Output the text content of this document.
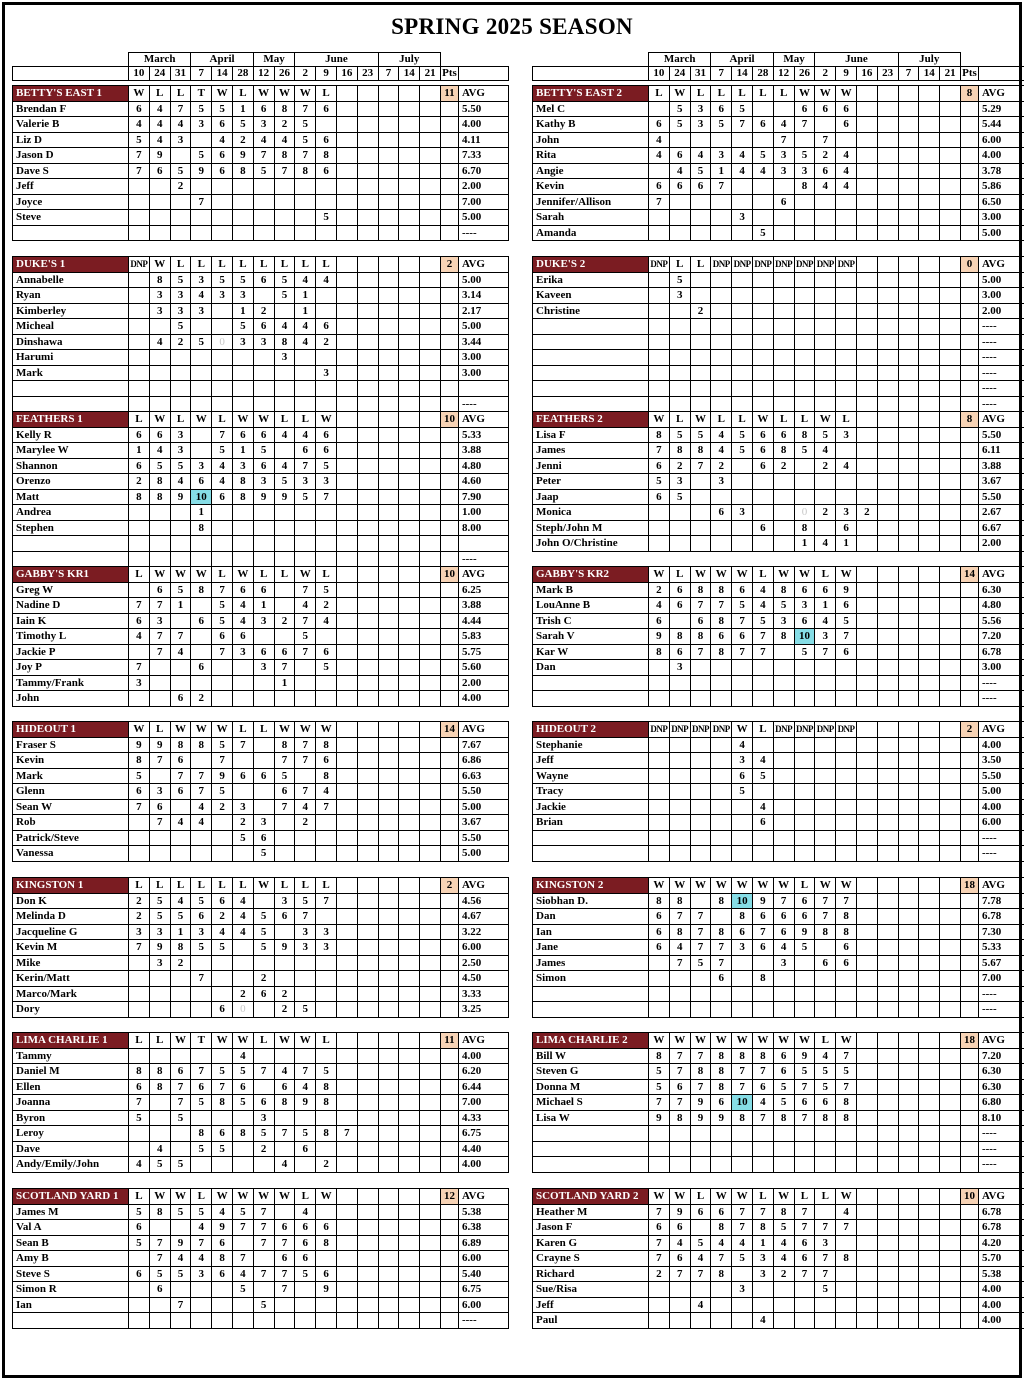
SPRING 2025 SEASON
	March			April			May		June				July				
	10	24	31	7	14	28	12	26	2	9	16	23	7	14	21	Pts	
BETTY'S EAST 1	W	L	L	T	W	L	W	W	W	L						11	AVG
Brendan F	6	4	7	5	5	1	6	8	7	6							5.50
Valerie B	4	4	4	3	6	5	3	2	5								4.00
Liz D	5	4	3		4	2	4	4	5	6							4.11
Jason D	7	9		5	6	9	7	8	7	8							7.33
Dave S	7	6	5	9	6	8	5	7	8	6							6.70
Jeff			2														2.00
Joyce				7													7.00
Steve										5							5.00
																	----
DUKE'S 1	DNP	W	L	L	L	L	L	L	L	L						2	AVG
Annabelle		8	5	3	5	5	6	5	4	4							5.00
Ryan		3	3	4	3	3		5	1								3.14
Kimberley		3	3	3		1	2		1								2.17
Micheal			5			5	6	4	4	6							5.00
Dinshawa		4	2	5	0	3	3	8	4	2							3.44
Harumi								3									3.00
Mark										3							3.00

																	----
FEATHERS 1	L	W	L	W	L	W	W	L	L	W						10	AVG
Kelly R	6	6	3		7	6	6	4	4	6							5.33
Marylee W	1	4	3		5	1	5		6	6							3.88
Shannon	6	5	5	3	4	3	6	4	7	5							4.80
Orenzo	2	8	4	6	4	8	3	5	3	3							4.60
Matt	8	8	9	10	6	8	9	9	5	7							7.90
Andrea				1													1.00
Stephen				8													8.00

																	----
GABBY'S KR1	L	W	W	W	L	W	L	L	W	L						10	AVG
Greg W		6	5	8	7	6	6		7	5							6.25
Nadine D	7	7	1		5	4	1		4	2							3.88
Iain K	6	3		6	5	4	3	2	7	4							4.44
Timothy L	4	7	7		6	6			5								5.83
Jackie P		7	4		7	3	6	6	7	6							5.75
Joy P	7			6			3	7		5							5.60
Tammy/Frank	3							1									2.00
John			6	2													4.00
HIDEOUT 1	W	L	W	W	W	L	L	W	W	W						14	AVG
Fraser S	9	9	8	8	5	7		8	7	8							7.67
Kevin	8	7	6		7			7	7	6							6.86
Mark	5		7	7	9	6	6	5		8							6.63
Glenn	6	3	6	7	5			6	7	4							5.50
Sean W	7	6		4	2	3		7	4	7							5.00
Rob		7	4	4		2	3		2								3.67
Patrick/Steve						5	6										5.50
Vanessa							5										5.00
KINGSTON 1	L	L	L	L	L	L	W	L	L	L						2	AVG
Don K	2	5	4	5	6	4		3	5	7							4.56
Melinda D	2	5	5	6	2	4	5	6	7								4.67
Jacqueline G	3	3	1	3	4	4	5		3	3							3.22
Kevin M	7	9	8	5	5		5	9	3	3							6.00
Mike		3	2														2.50
Kerin/Matt				7			2										4.50
Marco/Mark						2	6	2									3.33
Dory					6	0		2	5								3.25
LIMA CHARLIE 1	L	L	W	T	W	W	L	W	W	L						11	AVG
Tammy						4											4.00
Daniel M	8	8	6	7	5	5	7	4	7	5							6.20
Ellen	6	8	7	6	7	6		6	4	8							6.44
Joanna	7		7	5	8	5	6	8	9	8							7.00
Byron	5		5				3										4.33
Leroy				8	6	8	5	7	5	8	7						6.75
Dave		4		5	5		2		6								4.40
Andy/Emily/John	4	5	5					4		2							4.00
SCOTLAND YARD 1	L	W	W	L	W	W	W	W	L	W						12	AVG
James M	5	8	5	5	4	5	7		4								5.38
Val A	6			4	9	7	7	6	6	6							6.38
Sean B	5	7	9	7	6		7	7	6	8							6.89
Amy B		7	4	4	8	7		6	6								6.00
Steve S	6	5	5	3	6	4	7	7	5	6							5.40
Simon R		6				5		7		9							6.75
Ian			7				5										6.00
																	----
	March			April			May		June				July				
	10	24	31	7	14	28	12	26	2	9	16	23	7	14	21	Pts	
BETTY'S EAST 2	L	W	L	L	L	L	L	W	W	W						8	AVG
Mel C		5	3	6	5			6	6	6							5.29
Kathy B	6	5	3	5	7	6	4	7		6							5.44
John	4						7		7								6.00
Rita	4	6	4	3	4	5	3	5	2	4							4.00
Angie		4	5	1	4	4	3	3	6	4							3.78
Kevin	6	6	6	7				8	4	4							5.86
Jennifer/Allison	7						6										6.50
Sarah					3												3.00
Amanda						5											5.00
DUKE'S 2	DNP	L	L	DNP	DNP	DNP	DNP	DNP	DNP	DNP						0	AVG
Erika		5															5.00
Kaveen		3															3.00
Christine			2														2.00
																	----
																	----
																	----
																	----
																	----
																	----
FEATHERS 2	W	L	W	L	L	W	L	L	W	L						8	AVG
Lisa F	8	5	5	4	5	6	6	8	5	3							5.50
James	7	8	8	4	5	6	8	5	4								6.11
Jenni	6	2	7	2		6	2		2	4							3.88
Peter	5	3		3													3.67
Jaap	6	5															5.50
Monica				6	3			0	2	3	2						2.67
Steph/John M						6		8		6							6.67
John O/Christine								1	4	1							2.00
GABBY'S KR2	W	L	W	W	W	L	W	W	L	W						14	AVG
Mark B	2	6	8	8	6	4	8	6	6	9							6.30
LouAnne B	4	6	7	7	5	4	5	3	1	6							4.80
Trish C	6		6	8	7	5	3	6	4	5							5.56
Sarah V	9	8	8	6	6	7	8	10	3	7							7.20
Kar W	8	6	7	8	7	7		5	7	6							6.78
Dan		3															3.00
																	----
																	----
HIDEOUT 2	DNP	DNP	DNP	DNP	W	L	DNP	DNP	DNP	DNP						2	AVG
Stephanie					4												4.00
Jeff					3	4											3.50
Wayne					6	5											5.50
Tracy					5												5.00
Jackie						4											4.00
Brian						6											6.00
																	----
																	----
KINGSTON 2	W	W	W	W	W	W	W	L	W	W						18	AVG
Siobhan D.	8	8		8	10	9	7	6	7	7							7.78
Dan	6	7	7		8	6	6	6	7	8							6.78
Ian	6	8	7	8	6	7	6	9	8	8							7.30
Jane	6	4	7	7	3	6	4	5		6							5.33
James		7	5	7			3		6	6							5.67
Simon				6		8											7.00
																	----
																	----
LIMA CHARLIE 2	W	W	W	W	W	W	W	W	L	W						18	AVG
Bill W	8	7	7	8	8	8	6	9	4	7							7.20
Steven G	5	7	8	8	7	7	6	5	5	5							6.30
Donna M	5	6	7	8	7	6	5	7	5	7							6.30
Michael S	7	7	9	6	10	4	5	6	6	8							6.80
Lisa W	9	8	9	9	8	7	8	7	8	8							8.10
																	----
																	----
																	----
SCOTLAND YARD 2	W	W	L	W	W	L	W	L	L	W						10	AVG
Heather M	7	9	6	6	7	7	8	7		4							6.78
Jason F	6	6		8	7	8	5	7	7	7							6.78
Karen G	7	4	5	4	4	1	4	6	3								4.20
Crayne S	7	6	4	7	5	3	4	6	7	8							5.70
Richard	2	7	7	8		3	2	7	7								5.38
Sue/Risa					3				5								4.00
Jeff			4														4.00
Paul						4											4.00
